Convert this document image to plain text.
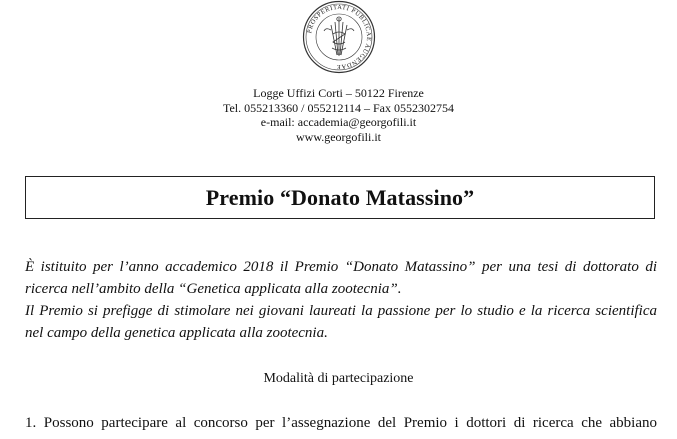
PROSPERITATI PUBLICAE AUGENDAE
Logge Uffizi Corti – 50122 Firenze
Tel. 055213360 / 055212114 – Fax 0552302754
e-mail: accademia@georgofili.it
www.georgofili.it
Premio “Donato Matassino”

È istituito per l’anno accademico 2018 il Premio “Donato Matassino” per una tesi di dottorato di

ricerca nell’ambito della “Genetica applicata alla zootecnia”.

Il Premio si prefigge di stimolare nei giovani laureati la passione per lo studio e la ricerca scientifica

nel campo della genetica applicata alla zootecnia.

Modalità di partecipazione
1. Possono partecipare al concorso per l’assegnazione del Premio i dottori di ricerca che abbiano
